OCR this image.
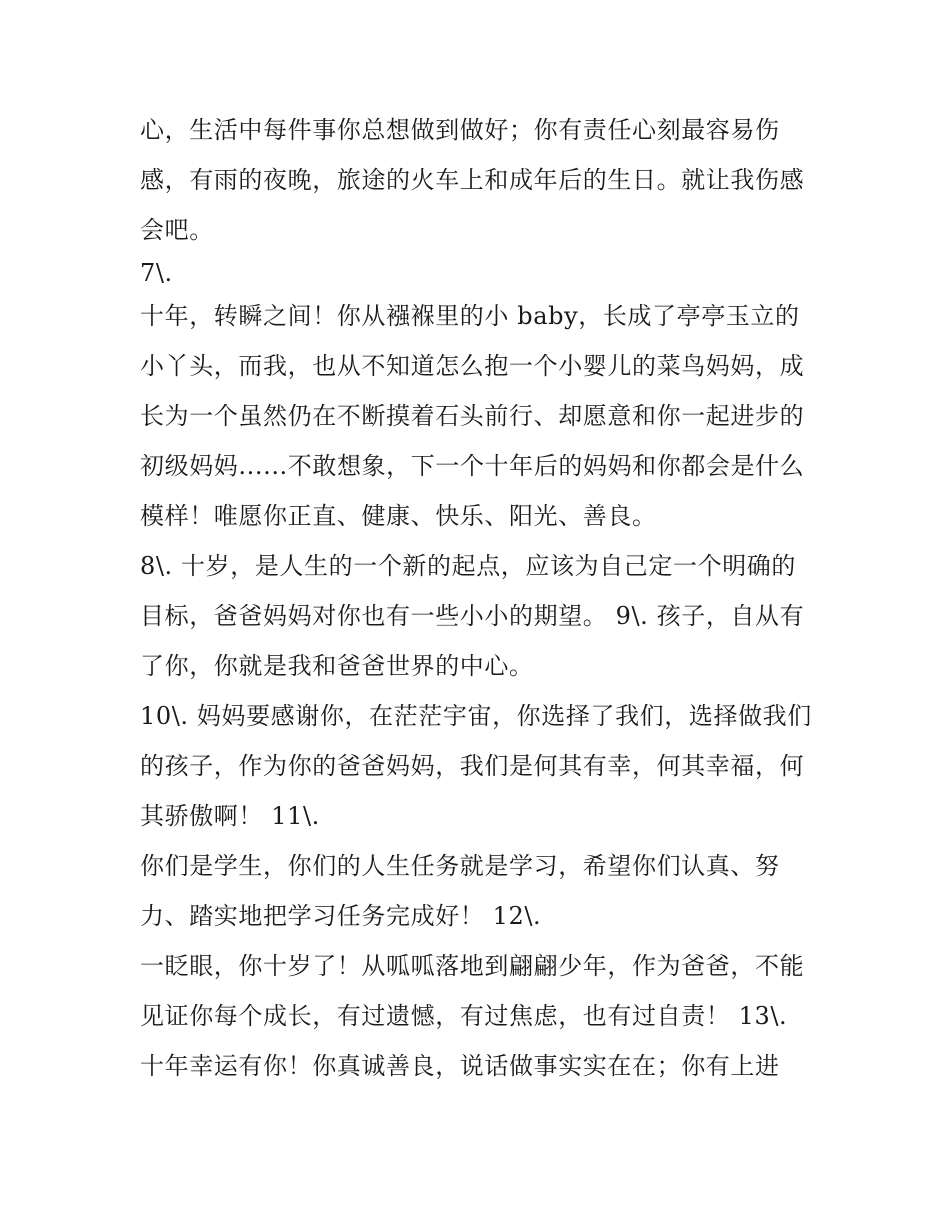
心，生活中每件事你总想做到做好；你有责任心刻最容易伤
感，有雨的夜晚，旅途的火车上和成年后的生日。就让我伤感
会吧。
7\.
十年，转瞬之间！你从襁褓里的小 baby，长成了亭亭玉立的
小丫头，而我，也从不知道怎么抱一个小婴儿的菜鸟妈妈，成
长为一个虽然仍在不断摸着石头前行、却愿意和你一起进步的
初级妈妈......不敢想象，下一个十年后的妈妈和你都会是什么
模样！唯愿你正直、健康、快乐、阳光、善良。
8\. 十岁，是人生的一个新的起点，应该为自己定一个明确的
目标，爸爸妈妈对你也有一些小小的期望。 9\. 孩子，自从有
了你，你就是我和爸爸世界的中心。
10\. 妈妈要感谢你，在茫茫宇宙，你选择了我们，选择做我们
的孩子，作为你的爸爸妈妈，我们是何其有幸，何其幸福，何
其骄傲啊！ 11\.
你们是学生，你们的人生任务就是学习，希望你们认真、努
力、踏实地把学习任务完成好！ 12\.
一眨眼，你十岁了！从呱呱落地到翩翩少年，作为爸爸，不能
见证你每个成长，有过遗憾，有过焦虑，也有过自责！ 13\.
十年幸运有你！你真诚善良，说话做事实实在在；你有上进
